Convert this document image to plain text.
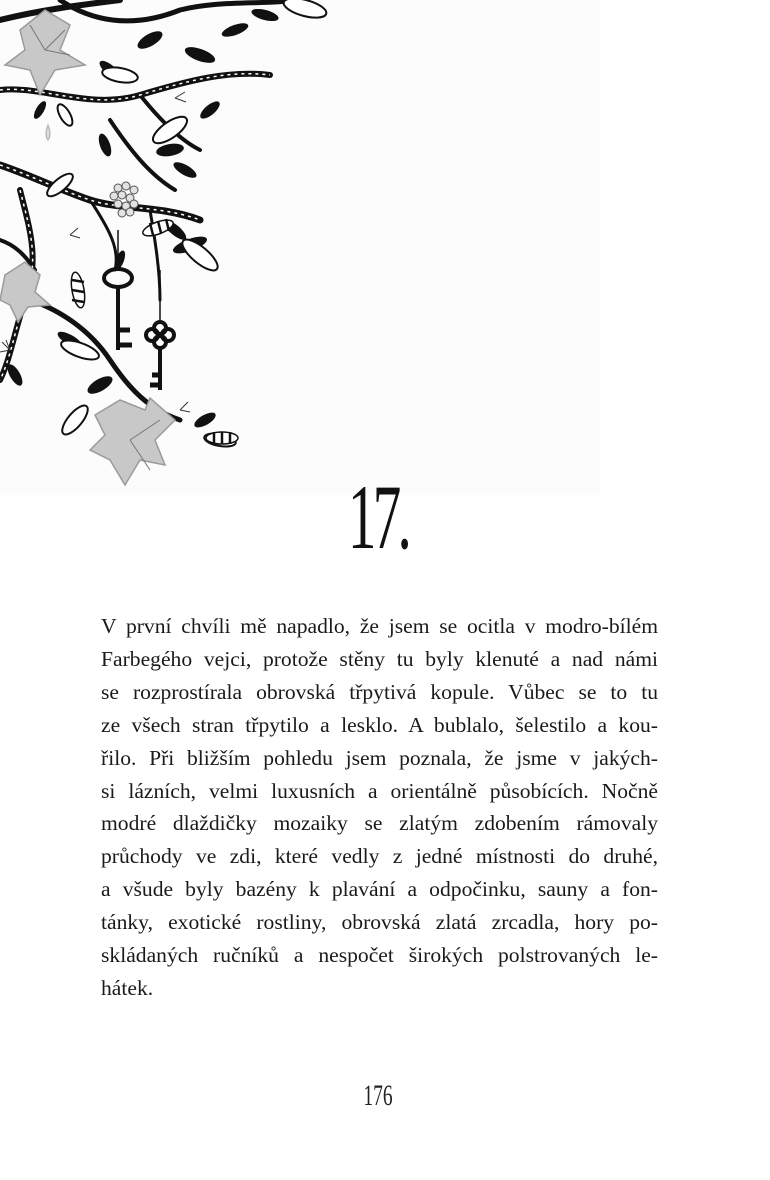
17.

V první chvíli mě napadlo, že jsem se ocitla v modro-bílém
Farbegého vejci, protože stěny tu byly klenuté a nad námi
se rozprostírala obrovská třpytivá kopule. Vůbec se to tu
ze všech stran třpytilo a lesklo. A bublalo, šelestilo a kou-
řilo. Při bližším pohledu jsem poznala, že jsme v jakých-
si lázních, velmi luxusních a orientálně působících. Nočně
modré dlaždičky mozaiky se zlatým zdobením rámovaly
průchody ve zdi, které vedly z jedné místnosti do druhé,
a všude byly bazény k plavání a odpočinku, sauny a fon-
tánky, exotické rostliny, obrovská zlatá zrcadla, hory po-
skládaných ručníků a nespočet širokých polstrovaných le-
hátek.

176
